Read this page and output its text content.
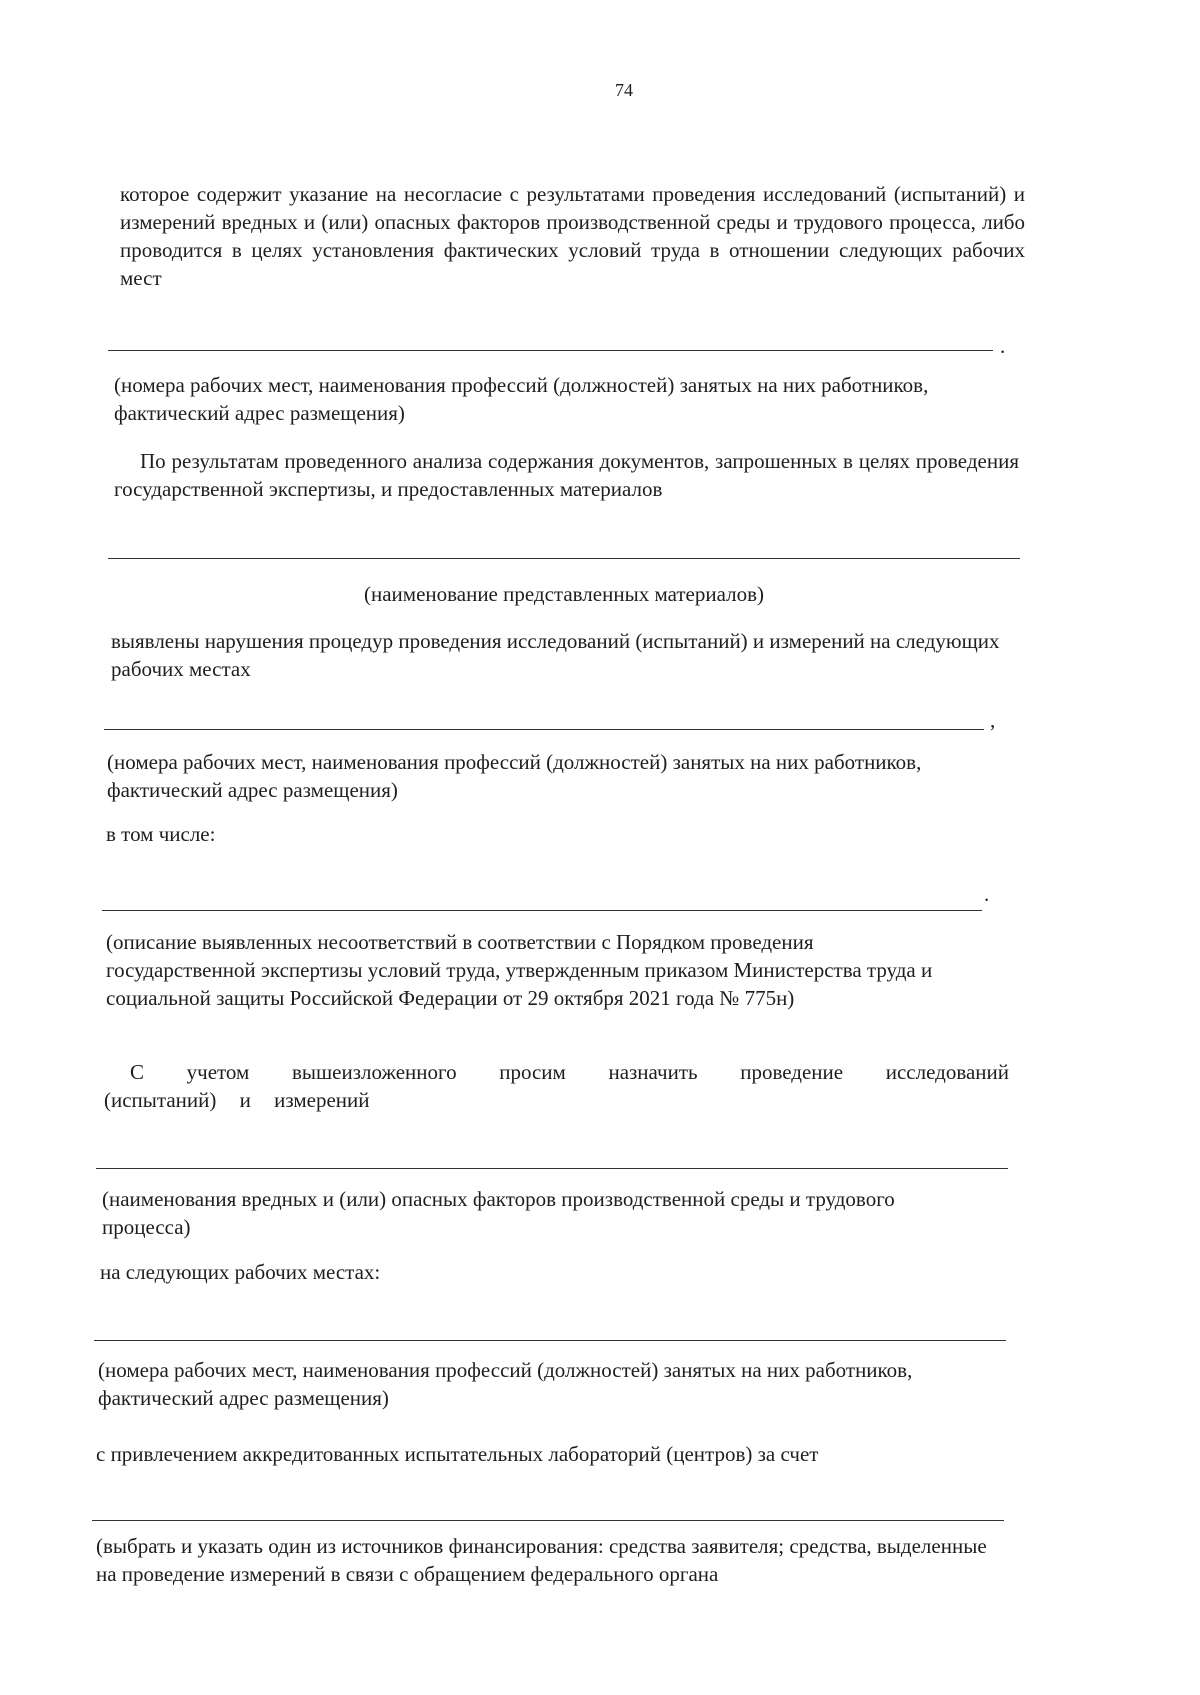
74
которое содержит указание на несогласие с результатами проведения исследований (испытаний) и измерений вредных и (или) опасных факторов производственной среды и трудового процесса, либо проводится в целях установления фактических условий труда в отношении следующих рабочих мест
.
(номера рабочих мест, наименования профессий (должностей) занятых на них работников, фактический адрес размещения)
По результатам проведенного анализа содержания документов, запрошенных в целях проведения государственной экспертизы, и предоставленных материалов
(наименование представленных материалов)
выявлены нарушения процедур проведения исследований (испытаний) и измерений на следующих рабочих местах
,
(номера рабочих мест, наименования профессий (должностей) занятых на них работников, фактический адрес размещения)
в том числе:
.
(описание выявленных несоответствий в соответствии с Порядком проведения государственной экспертизы условий труда, утвержденным приказом Министерства труда и социальной защиты Российской Федерации от 29 октября 2021 года № 775н)
С учетом вышеизложенного просим назначить проведение исследований (испытаний) и измерений
(наименования вредных и (или) опасных факторов производственной среды и трудового процесса)
на следующих рабочих местах:
(номера рабочих мест, наименования профессий (должностей) занятых на них работников, фактический адрес размещения)
с привлечением аккредитованных испытательных лабораторий (центров) за счет
(выбрать и указать один из источников финансирования: средства заявителя; средства, выделенные на проведение измерений в связи с обращением федерального органа
